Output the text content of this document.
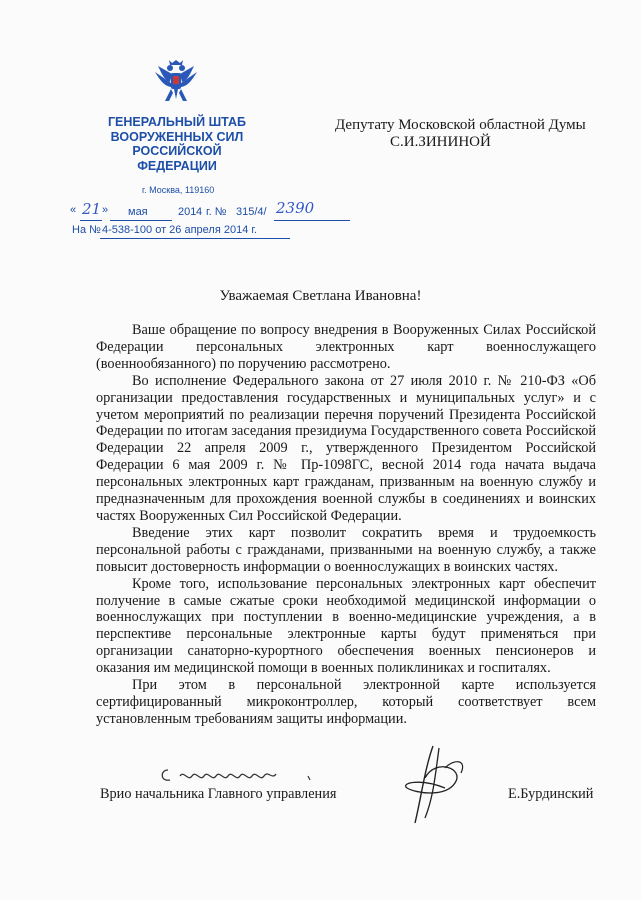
ГЕНЕРАЛЬНЫЙ ШТАБ
ВООРУЖЕННЫХ СИЛ
РОССИЙСКОЙ ФЕДЕРАЦИИ
Депутату Московской областной Думы
С.И.ЗИНИНОЙ
г. Москва, 119160
« 21 » мая	201 4 г. № 315/4/ 2390
На № 4-538-100 от 26 апреля 2014 г.
Уважаемая Светлана Ивановна!

Ваше обращение по вопросу внедрения в Вооруженных Силах Российской Федерации персональных электронных карт военнослужащего (военнообязанного) по поручению рассмотрено.

Во исполнение Федерального закона от 27 июля 2010 г. № 210-ФЗ «Об организации предоставления государственных и муниципальных услуг» и с учетом мероприятий по реализации перечня поручений Президента Российской Федерации по итогам заседания президиума Государственного совета Российской Федерации 22 апреля 2009 г., утвержденного Президентом Российской Федерации 6 мая 2009 г. № Пр-1098ГС, весной 2014 года начата выдача персональных электронных карт гражданам, призванным на военную службу и предназначенным для прохождения военной службы в соединениях и воинских частях Вооруженных Сил Российской Федерации.

Введение этих карт позволит сократить время и трудоемкость персональной работы с гражданами, призванными на военную службу, а также повысит достоверность информации о военнослужащих в воинских частях.

Кроме того, использование персональных электронных карт обеспечит получение в самые сжатые сроки необходимой медицинской информации о военнослужащих при поступлении в военно-медицинские учреждения, а в перспективе персональные электронные карты будут применяться при организации санаторно-курортного обеспечения военных пенсионеров и оказания им медицинской помощи в военных поликлиниках и госпиталях.

При этом в персональной электронной карте используется сертифицированный микроконтроллер, который соответствует всем установленным требованиям защиты информации.

Врио начальника Главного управления	Е.Бурдинский
